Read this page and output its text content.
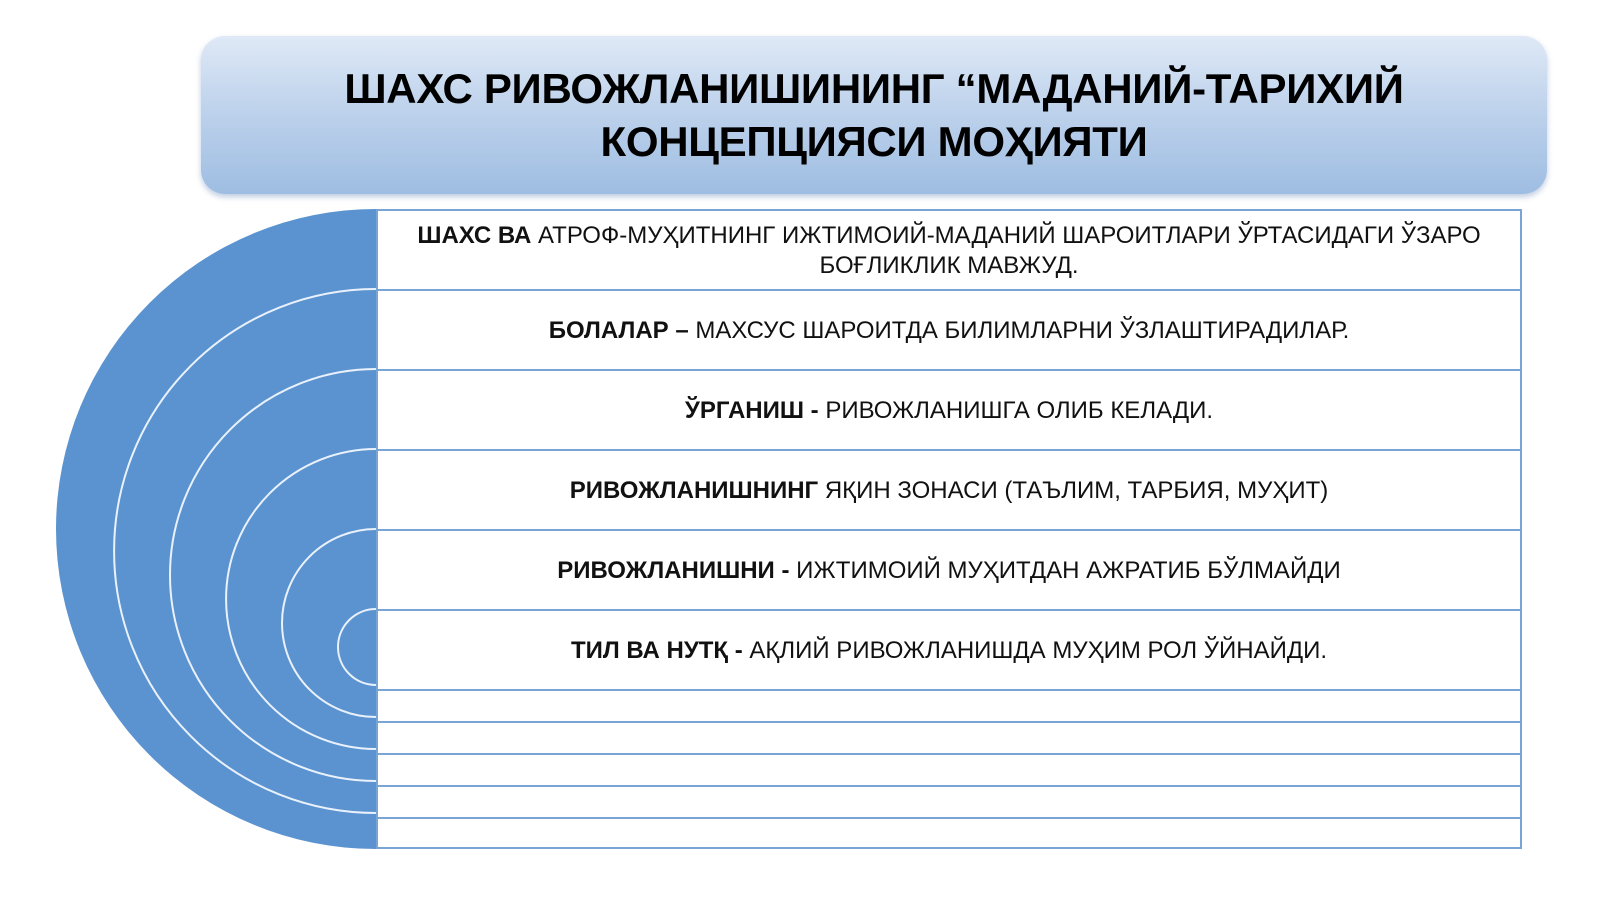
ШАХС РИВОЖЛАНИШИНИНГ “МАДАНИЙ-ТАРИХИЙ КОНЦЕПЦИЯСИ МОҲИЯТИ
ШАХС ВА АТРОФ-МУҲИТНИНГ ИЖТИМОИЙ-МАДАНИЙ ШАРОИТЛАРИ ЎРТАСИДАГИ ЎЗАРО БОҒЛИКЛИК МАВЖУД.
БОЛАЛАР – МАХСУС ШАРОИТДА БИЛИМЛАРНИ ЎЗЛАШТИРАДИЛАР.
ЎРГАНИШ - РИВОЖЛАНИШГА ОЛИБ КЕЛАДИ.
РИВОЖЛАНИШНИНГ ЯҚИН ЗОНАСИ (ТАЪЛИМ, ТАРБИЯ, МУҲИТ)
РИВОЖЛАНИШНИ - ИЖТИМОИЙ МУҲИТДАН АЖРАТИБ БЎЛМАЙДИ
ТИЛ ВА НУТҚ - АҚЛИЙ РИВОЖЛАНИШДА МУҲИМ РОЛ ЎЙНАЙДИ.
